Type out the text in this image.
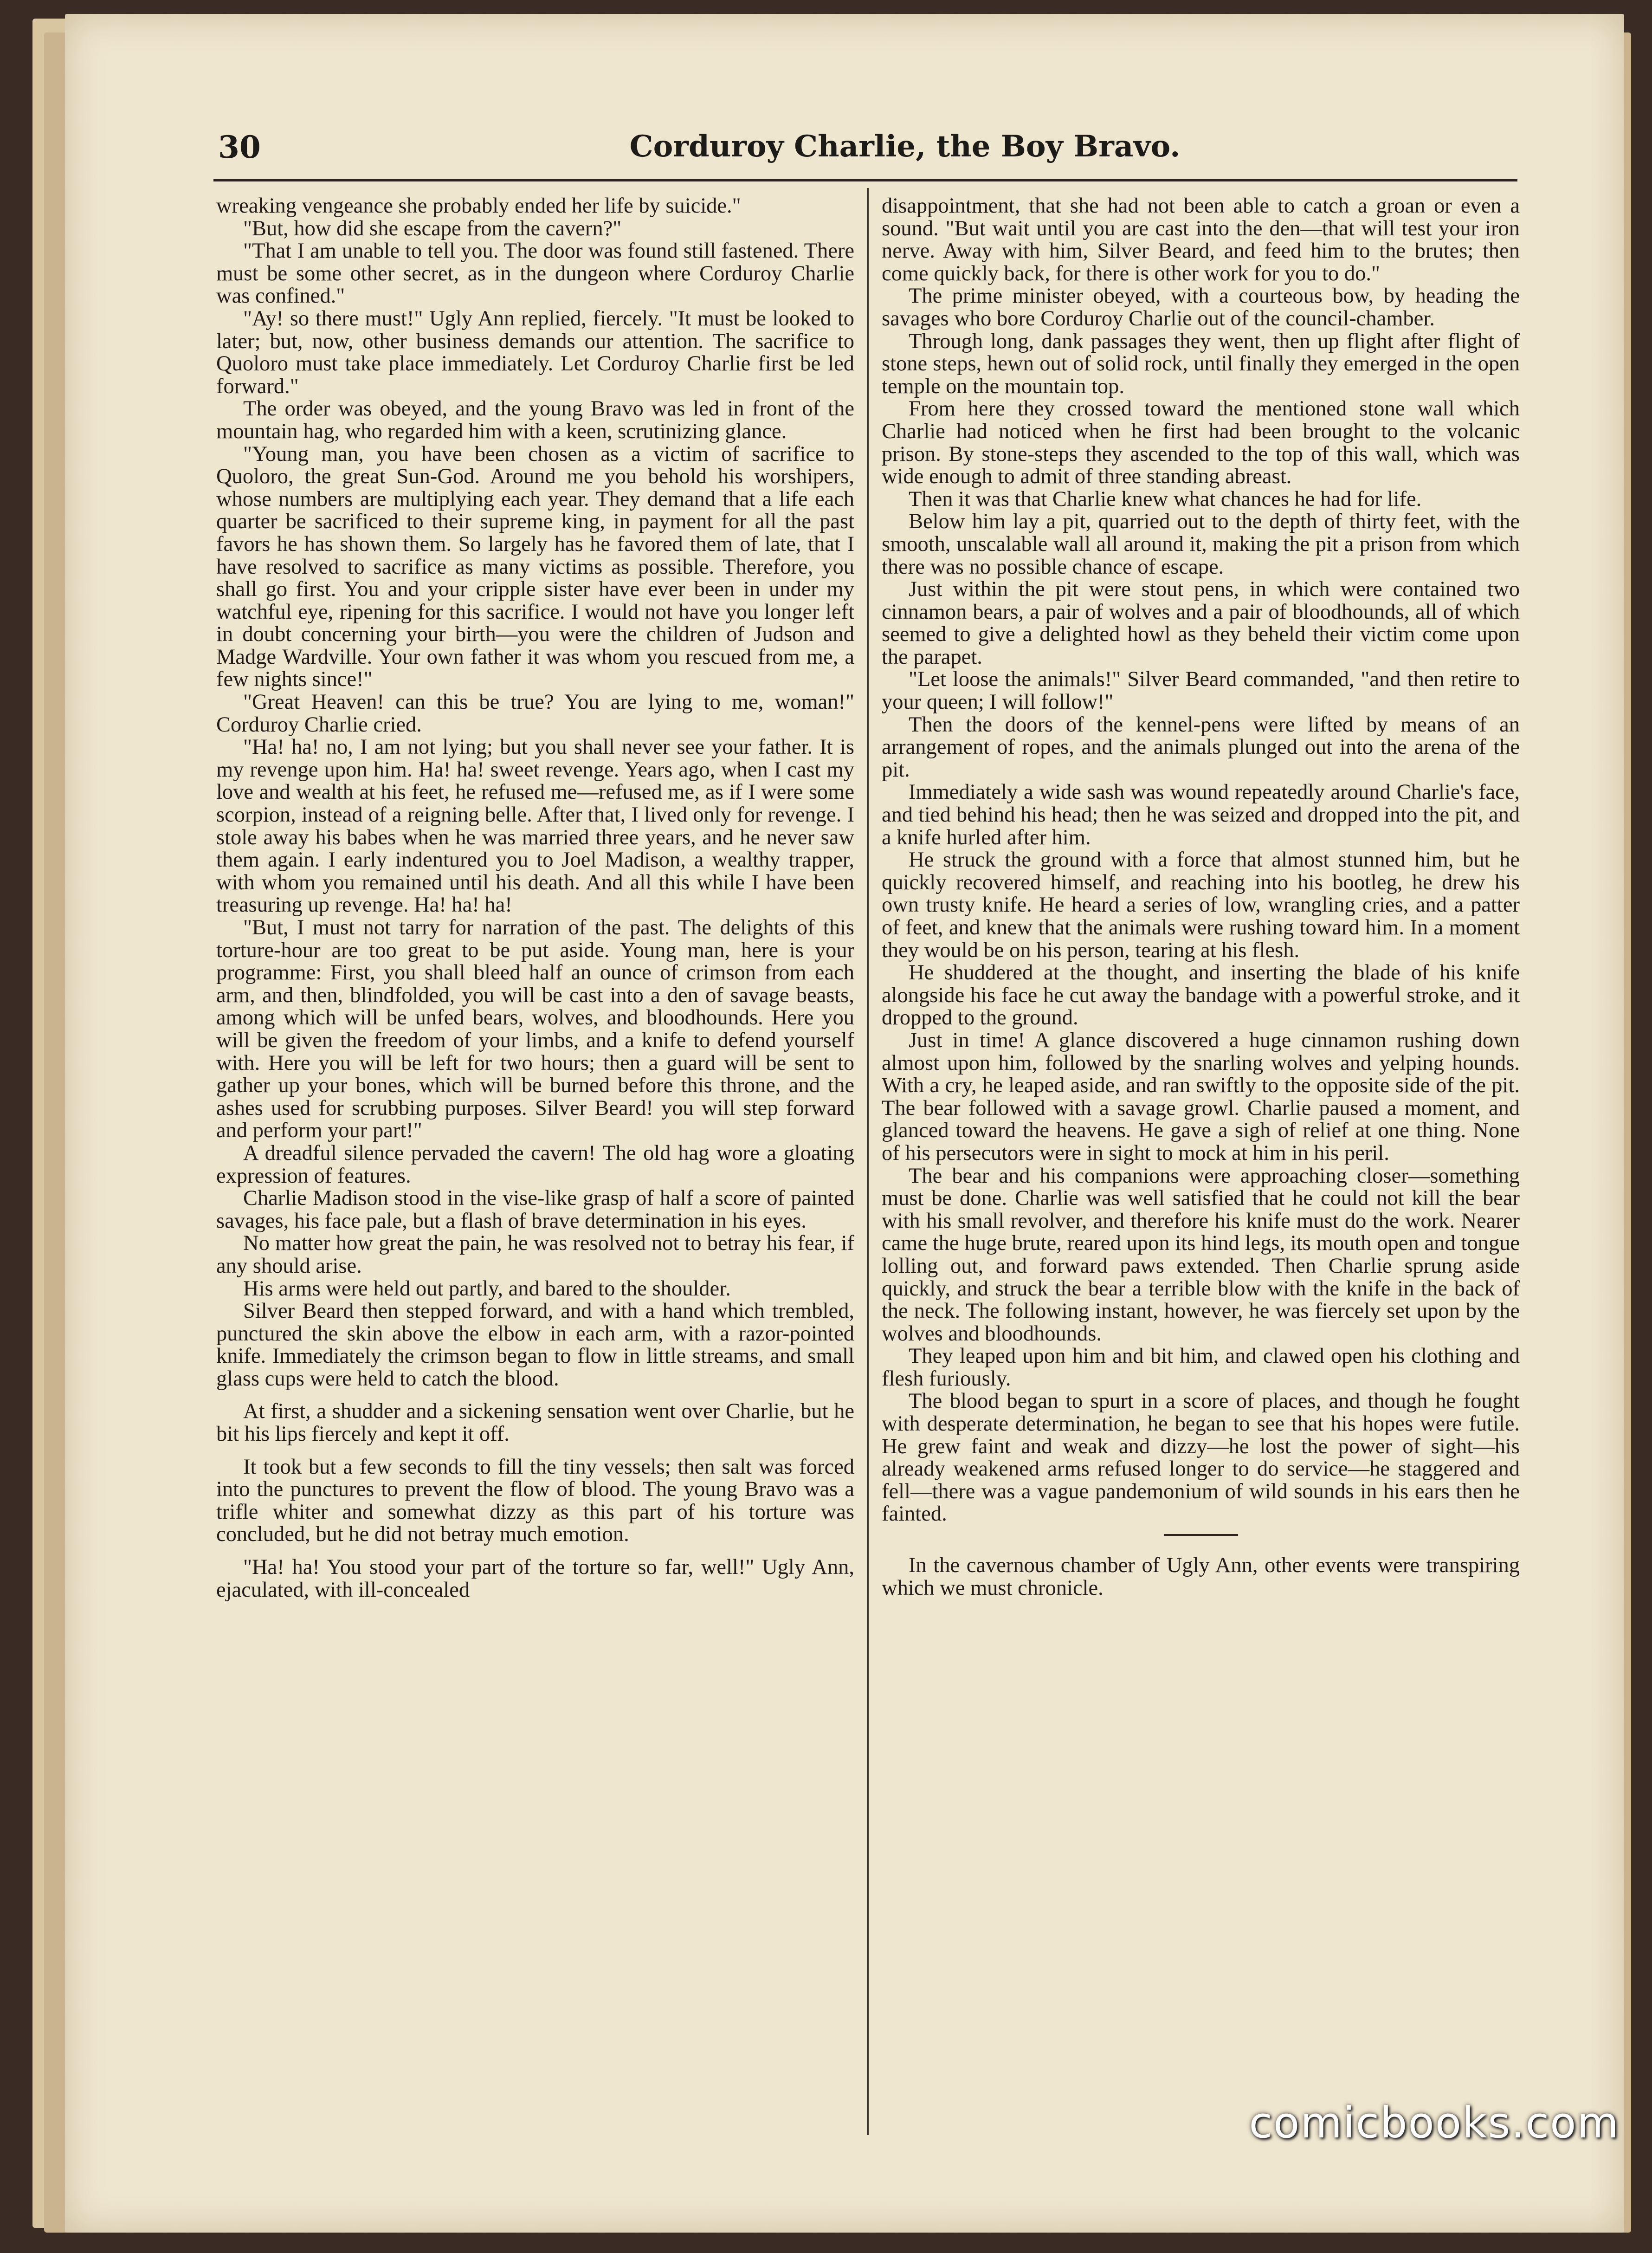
30	Corduroy Charlie, the Boy Bravo.

wreaking vengeance she probably ended her life by suicide."

"But, how did she escape from the cavern?"

"That I am unable to tell you. The door was found still fastened. There must be some other secret, as in the dungeon where Corduroy Charlie was confined."

"Ay! so there must!" Ugly Ann replied, fiercely. "It must be looked to later; but, now, other business demands our attention. The sacrifice to Quoloro must take place immediately. Let Corduroy Charlie first be led forward."

The order was obeyed, and the young Bravo was led in front of the mountain hag, who regarded him with a keen, scrutinizing glance.

"Young man, you have been chosen as a victim of sacrifice to Quoloro, the great Sun-God. Around me you behold his worshipers, whose numbers are multiplying each year. They demand that a life each quarter be sacrificed to their supreme king, in payment for all the past favors he has shown them. So largely has he favored them of late, that I have resolved to sacrifice as many victims as possible. Therefore, you shall go first. You and your cripple sister have ever been in under my watchful eye, ripening for this sacrifice. I would not have you longer left in doubt concerning your birth—you were the children of Judson and Madge Wardville. Your own father it was whom you rescued from me, a few nights since!"

"Great Heaven! can this be true? You are lying to me, woman!" Corduroy Charlie cried.

"Ha! ha! no, I am not lying; but you shall never see your father. It is my revenge upon him. Ha! ha! sweet revenge. Years ago, when I cast my love and wealth at his feet, he refused me—refused me, as if I were some scorpion, instead of a reigning belle. After that, I lived only for revenge. I stole away his babes when he was married three years, and he never saw them again. I early indentured you to Joel Madison, a wealthy trapper, with whom you remained until his death. And all this while I have been treasuring up revenge. Ha! ha! ha!

"But, I must not tarry for narration of the past. The delights of this torture-hour are too great to be put aside. Young man, here is your programme: First, you shall bleed half an ounce of crimson from each arm, and then, blindfolded, you will be cast into a den of savage beasts, among which will be unfed bears, wolves, and bloodhounds. Here you will be given the freedom of your limbs, and a knife to defend yourself with. Here you will be left for two hours; then a guard will be sent to gather up your bones, which will be burned before this throne, and the ashes used for scrubbing purposes. Silver Beard! you will step forward and perform your part!"

A dreadful silence pervaded the cavern! The old hag wore a gloating expression of features.

Charlie Madison stood in the vise-like grasp of half a score of painted savages, his face pale, but a flash of brave determination in his eyes.

No matter how great the pain, he was resolved not to betray his fear, if any should arise.

His arms were held out partly, and bared to the shoulder.

Silver Beard then stepped forward, and with a hand which trembled, punctured the skin above the elbow in each arm, with a razor-pointed knife. Immediately the crimson began to flow in little streams, and small glass cups were held to catch the blood.

At first, a shudder and a sickening sensation went over Charlie, but he bit his lips fiercely and kept it off.

It took but a few seconds to fill the tiny vessels; then salt was forced into the punctures to prevent the flow of blood. The young Bravo was a trifle whiter and somewhat dizzy as this part of his torture was concluded, but he did not betray much emotion.

"Ha! ha! You stood your part of the torture so far, well!" Ugly Ann, ejaculated, with ill-concealed

disappointment, that she had not been able to catch a groan or even a sound. "But wait until you are cast into the den—that will test your iron nerve. Away with him, Silver Beard, and feed him to the brutes; then come quickly back, for there is other work for you to do."

The prime minister obeyed, with a courteous bow, by heading the savages who bore Corduroy Charlie out of the council-chamber.

Through long, dank passages they went, then up flight after flight of stone steps, hewn out of solid rock, until finally they emerged in the open temple on the mountain top.

From here they crossed toward the mentioned stone wall which Charlie had noticed when he first had been brought to the volcanic prison. By stone-steps they ascended to the top of this wall, which was wide enough to admit of three standing abreast.

Then it was that Charlie knew what chances he had for life.

Below him lay a pit, quarried out to the depth of thirty feet, with the smooth, unscalable wall all around it, making the pit a prison from which there was no possible chance of escape.

Just within the pit were stout pens, in which were contained two cinnamon bears, a pair of wolves and a pair of bloodhounds, all of which seemed to give a delighted howl as they beheld their victim come upon the parapet.

"Let loose the animals!" Silver Beard commanded, "and then retire to your queen; I will follow!"

Then the doors of the kennel-pens were lifted by means of an arrangement of ropes, and the animals plunged out into the arena of the pit.

Immediately a wide sash was wound repeatedly around Charlie's face, and tied behind his head; then he was seized and dropped into the pit, and a knife hurled after him.

He struck the ground with a force that almost stunned him, but he quickly recovered himself, and reaching into his bootleg, he drew his own trusty knife. He heard a series of low, wrangling cries, and a patter of feet, and knew that the animals were rushing toward him. In a moment they would be on his person, tearing at his flesh.

He shuddered at the thought, and inserting the blade of his knife alongside his face he cut away the bandage with a powerful stroke, and it dropped to the ground.

Just in time! A glance discovered a huge cinnamon rushing down almost upon him, followed by the snarling wolves and yelping hounds. With a cry, he leaped aside, and ran swiftly to the opposite side of the pit. The bear followed with a savage growl. Charlie paused a moment, and glanced toward the heavens. He gave a sigh of relief at one thing. None of his persecutors were in sight to mock at him in his peril.

The bear and his companions were approaching closer—something must be done. Charlie was well satisfied that he could not kill the bear with his small revolver, and therefore his knife must do the work. Nearer came the huge brute, reared upon its hind legs, its mouth open and tongue lolling out, and forward paws extended. Then Charlie sprung aside quickly, and struck the bear a terrible blow with the knife in the back of the neck. The following instant, however, he was fiercely set upon by the wolves and bloodhounds.

They leaped upon him and bit him, and clawed open his clothing and flesh furiously.

The blood began to spurt in a score of places, and though he fought with desperate determination, he began to see that his hopes were futile. He grew faint and weak and dizzy—he lost the power of sight—his already weakened arms refused longer to do service—he staggered and fell—there was a vague pandemonium of wild sounds in his ears then he fainted.

In the cavernous chamber of Ugly Ann, other events were transpiring which we must chronicle.

comicbooks.com
